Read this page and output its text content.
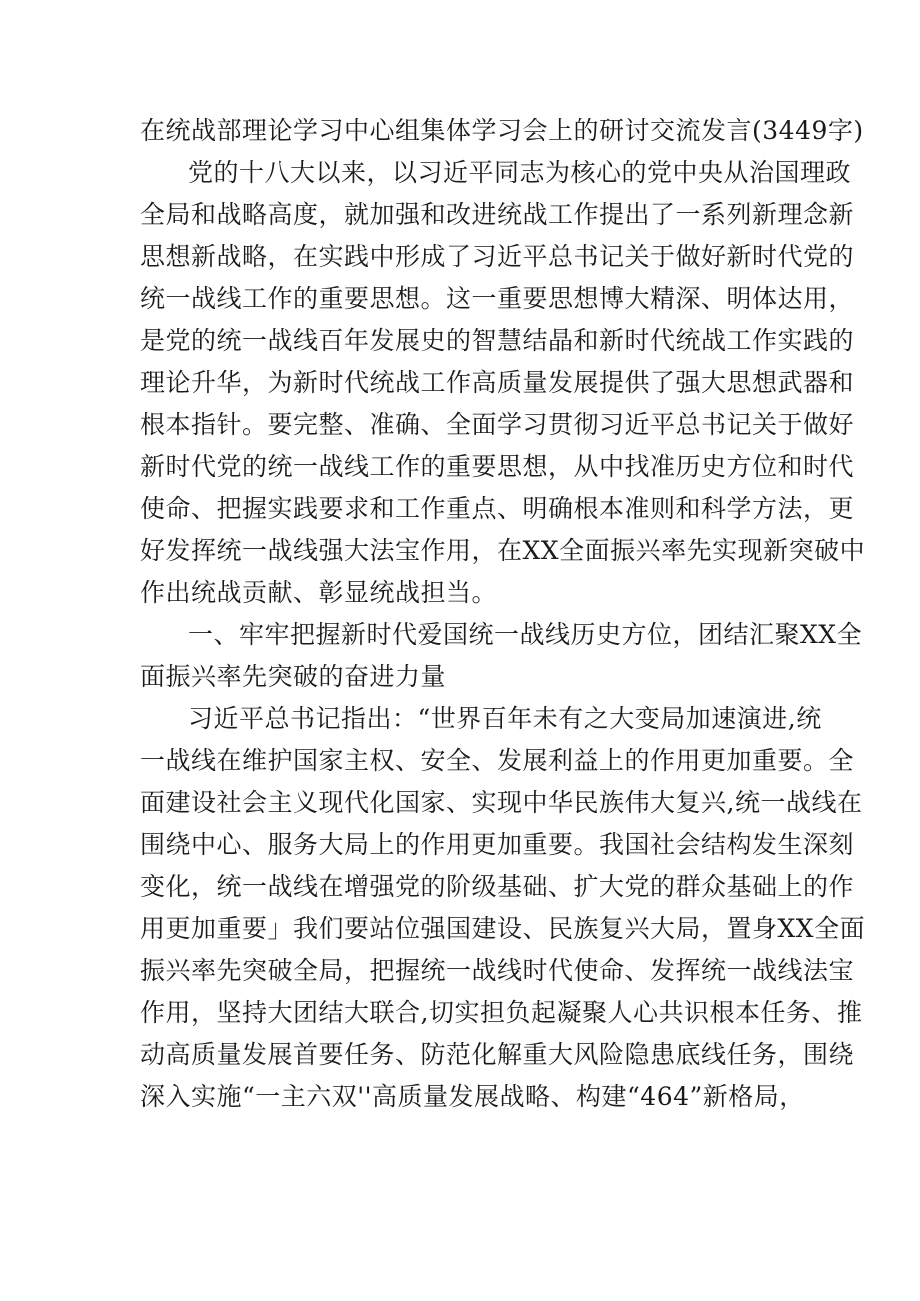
在统战部理论学习中心组集体学习会上的研讨交流发言(3449字)
党的十八大以来，以习近平同志为核心的党中央从治国理政
全局和战略高度，就加强和改进统战工作提出了一系列新理念新
思想新战略，在实践中形成了习近平总书记关于做好新时代党的
统一战线工作的重要思想。这一重要思想博大精深、明体达用，
是党的统一战线百年发展史的智慧结晶和新时代统战工作实践的
理论升华，为新时代统战工作高质量发展提供了强大思想武器和
根本指针。要完整、准确、全面学习贯彻习近平总书记关于做好
新时代党的统一战线工作的重要思想，从中找准历史方位和时代
使命、把握实践要求和工作重点、明确根本准则和科学方法，更
好发挥统一战线强大法宝作用，在XX全面振兴率先实现新突破中
作出统战贡献、彰显统战担当。
一、牢牢把握新时代爱国统一战线历史方位，团结汇聚XX全
面振兴率先突破的奋进力量
习近平总书记指出：“世界百年未有之大变局加速演进,统
一战线在维护国家主权、安全、发展利益上的作用更加重要。全
面建设社会主义现代化国家、实现中华民族伟大复兴,统一战线在
围绕中心、服务大局上的作用更加重要。我国社会结构发生深刻
变化，统一战线在增强党的阶级基础、扩大党的群众基础上的作
用更加重要」我们要站位强国建设、民族复兴大局，置身XX全面
振兴率先突破全局，把握统一战线时代使命、发挥统一战线法宝
作用，坚持大团结大联合,切实担负起凝聚人心共识根本任务、推
动高质量发展首要任务、防范化解重大风险隐患底线任务，围绕
深入实施“一主六双''高质量发展战略、构建“464”新格局，
